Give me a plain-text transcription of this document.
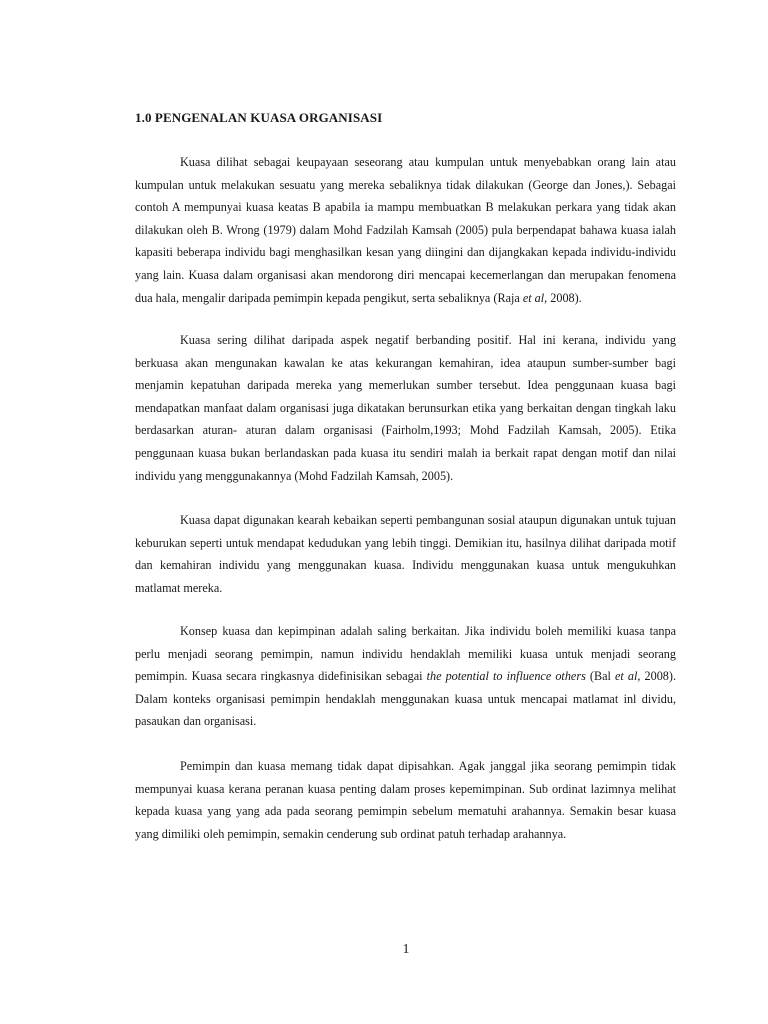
1.0 PENGENALAN KUASA ORGANISASI

Kuasa dilihat sebagai keupayaan seseorang atau kumpulan untuk menyebabkan orang lain atau kumpulan untuk melakukan sesuatu yang mereka sebaliknya tidak dilakukan (George dan Jones,). Sebagai contoh A mempunyai kuasa keatas B apabila ia mampu membuatkan B melakukan perkara yang tidak akan dilakukan oleh B. Wrong (1979) dalam Mohd Fadzilah Kamsah (2005) pula berpendapat bahawa kuasa ialah kapasiti beberapa individu bagi menghasilkan kesan yang diingini dan dijangkakan kepada individu-individu yang lain. Kuasa dalam organisasi akan mendorong diri mencapai kecemerlangan dan merupakan fenomena dua hala, mengalir daripada pemimpin kepada pengikut, serta sebaliknya (Raja et al, 2008).

Kuasa sering dilihat daripada aspek negatif berbanding positif. Hal ini kerana, individu yang berkuasa akan mengunakan kawalan ke atas kekurangan kemahiran, idea ataupun sumber-sumber bagi menjamin kepatuhan daripada mereka yang memerlukan sumber tersebut. Idea penggunaan kuasa bagi mendapatkan manfaat dalam organisasi juga dikatakan berunsurkan etika yang berkaitan dengan tingkah laku berdasarkan aturan- aturan dalam organisasi (Fairholm,1993; Mohd Fadzilah Kamsah, 2005). Etika penggunaan kuasa bukan berlandaskan pada kuasa itu sendiri malah ia berkait rapat dengan motif dan nilai individu yang menggunakannya (Mohd Fadzilah Kamsah, 2005).

Kuasa dapat digunakan kearah kebaikan seperti pembangunan sosial ataupun digunakan untuk tujuan keburukan seperti untuk mendapat kedudukan yang lebih tinggi. Demikian itu, hasilnya dilihat daripada motif dan kemahiran individu yang menggunakan kuasa. Individu menggunakan kuasa untuk mengukuhkan matlamat mereka.

Konsep kuasa dan kepimpinan adalah saling berkaitan. Jika individu boleh memiliki kuasa tanpa perlu menjadi seorang pemimpin, namun individu hendaklah memiliki kuasa untuk menjadi seorang pemimpin. Kuasa secara ringkasnya didefinisikan sebagai the potential to influence others (Bal et al, 2008). Dalam konteks organisasi pemimpin hendaklah menggunakan kuasa untuk mencapai matlamat inl dividu, pasaukan dan organisasi.

Pemimpin dan kuasa memang tidak dapat dipisahkan. Agak janggal jika seorang pemimpin tidak mempunyai kuasa kerana peranan kuasa penting dalam proses kepemimpinan. Sub ordinat lazimnya melihat kepada kuasa yang yang ada pada seorang pemimpin sebelum mematuhi arahannya. Semakin besar kuasa yang dimiliki oleh pemimpin, semakin cenderung sub ordinat patuh terhadap arahannya.

1
